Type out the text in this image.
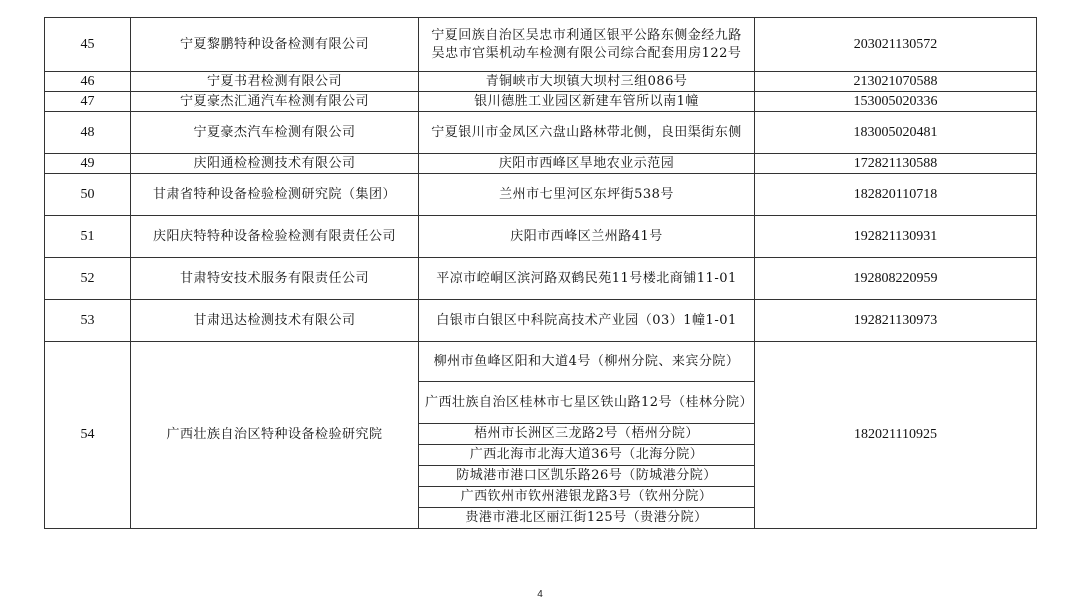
45	宁夏黎鹏特种设备检测有限公司	宁夏回族自治区吴忠市利通区银平公路东侧金经九路吴忠市官渠机动车检测有限公司综合配套用房122号	203021130572
46	宁夏书君检测有限公司	青铜峡市大坝镇大坝村三组086号	213021070588
47	宁夏豪杰汇通汽车检测有限公司	银川德胜工业园区新建车管所以南1幢	153005020336
48	宁夏豪杰汽车检测有限公司	宁夏银川市金凤区六盘山路林带北侧，良田渠街东侧	183005020481
49	庆阳通检检测技术有限公司	庆阳市西峰区旱地农业示范园	172821130588
50	甘肃省特种设备检验检测研究院（集团）	兰州市七里河区东坪街538号	182820110718
51	庆阳庆特特种设备检验检测有限责任公司	庆阳市西峰区兰州路41号	192821130931
52	甘肃特安技术服务有限责任公司	平凉市崆峒区滨河路双鹤民苑11号楼北商铺11-01	192808220959
53	甘肃迅达检测技术有限公司	白银市白银区中科院高技术产业园（03）1幢1-01	192821130973
54	广西壮族自治区特种设备检验研究院	柳州市鱼峰区阳和大道4号（柳州分院、来宾分院）	182021110925
		广西壮族自治区桂林市七星区铁山路12号（桂林分院）	
		梧州市长洲区三龙路2号（梧州分院）	
		广西北海市北海大道36号（北海分院）	
		防城港市港口区凯乐路26号（防城港分院）	
		广西钦州市钦州港银龙路3号（钦州分院）	
		贵港市港北区丽江街125号（贵港分院）	
4
